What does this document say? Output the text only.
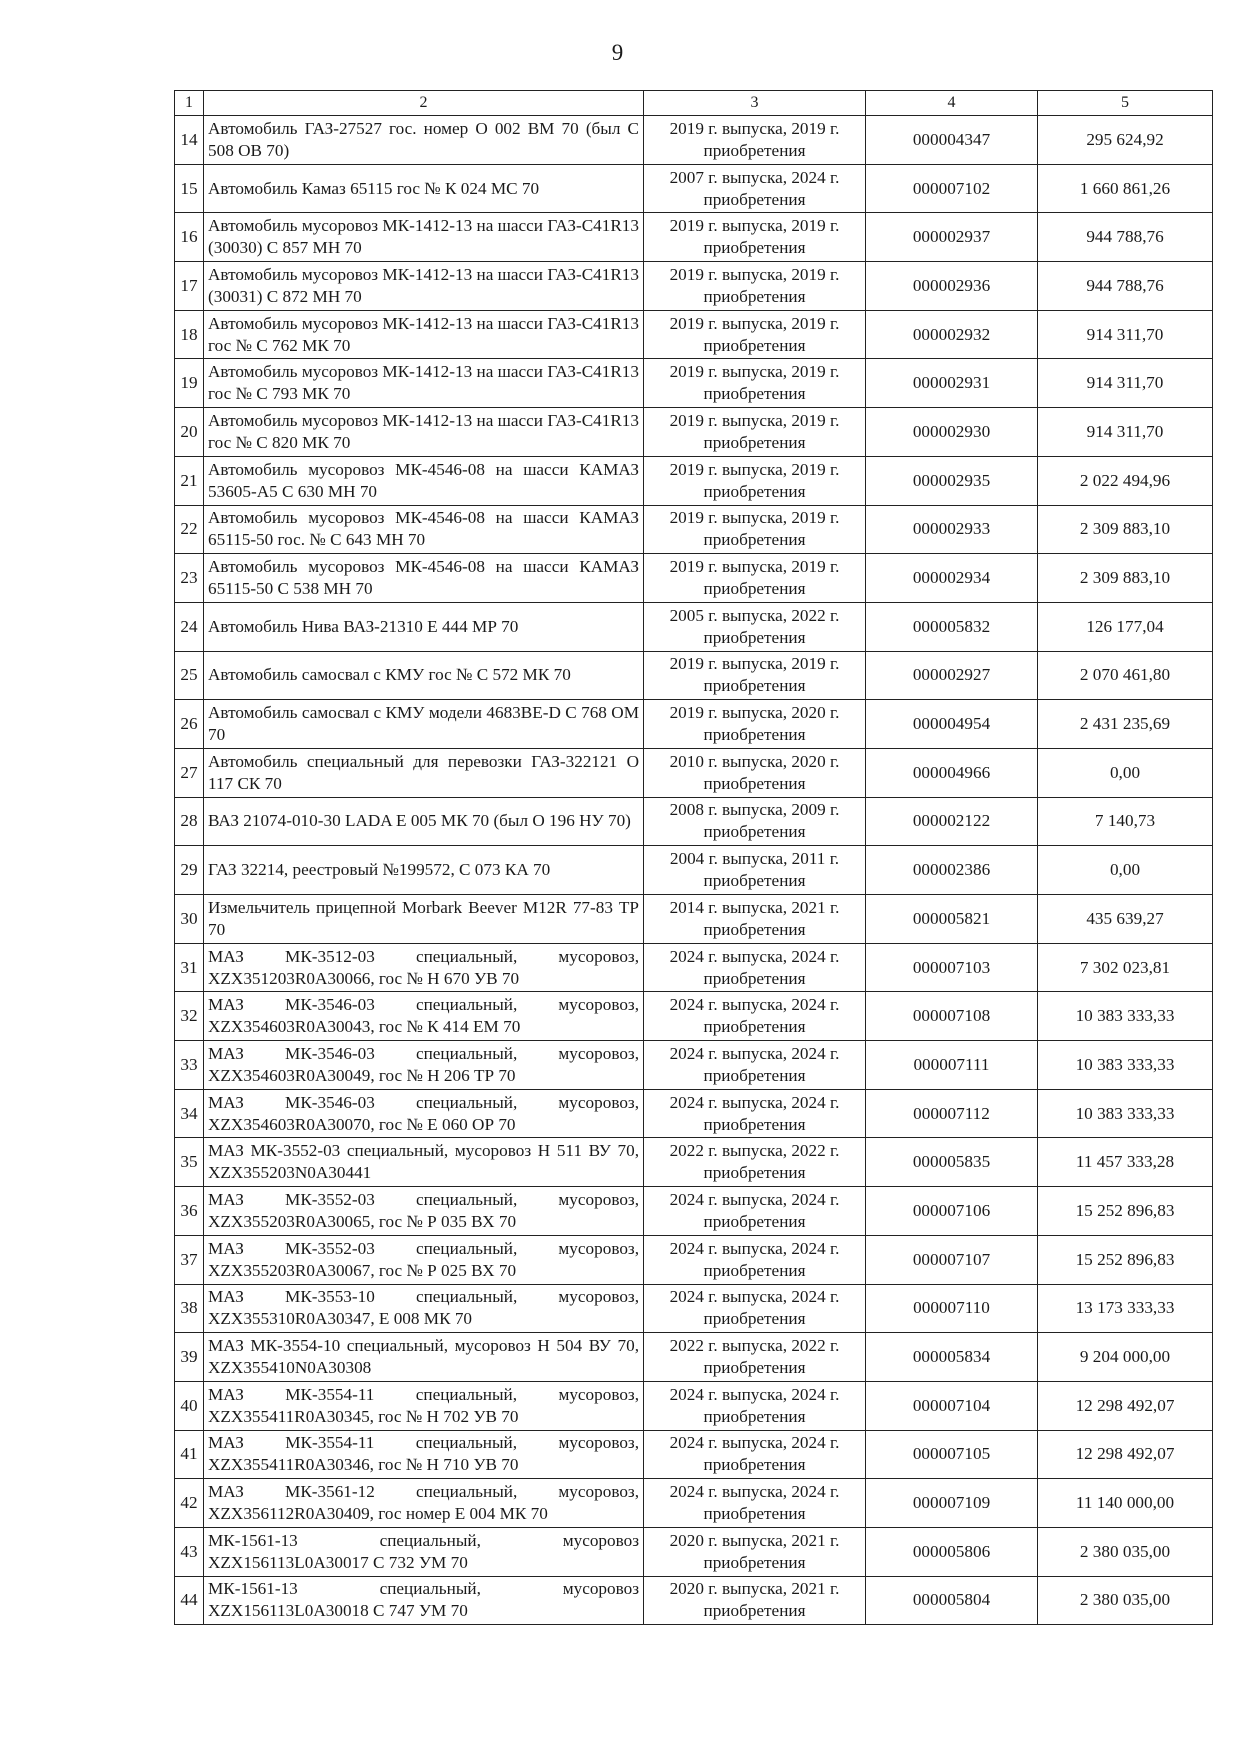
9
1	2	3	4	5
14	Автомобиль ГАЗ-27527 гос. номер О 002 ВМ 70 (был С 508 ОВ 70)	2019 г. выпуска, 2019 г. приобретения	000004347	295 624,92
15	Автомобиль Камаз 65115 гос № К 024 МС 70	2007 г. выпуска, 2024 г. приобретения	000007102	1 660 861,26
16	Автомобиль мусоровоз МК-1412-13 на шасси ГАЗ-С41R13 (30030) С 857 МН 70	2019 г. выпуска, 2019 г. приобретения	000002937	944 788,76
17	Автомобиль мусоровоз МК-1412-13 на шасси ГАЗ-С41R13 (30031) С 872 МН 70	2019 г. выпуска, 2019 г. приобретения	000002936	944 788,76
18	Автомобиль мусоровоз МК-1412-13 на шасси ГАЗ-С41R13 гос № С 762 МК 70	2019 г. выпуска, 2019 г. приобретения	000002932	914 311,70
19	Автомобиль мусоровоз МК-1412-13 на шасси ГАЗ-С41R13 гос № С 793 МК 70	2019 г. выпуска, 2019 г. приобретения	000002931	914 311,70
20	Автомобиль мусоровоз МК-1412-13 на шасси ГАЗ-С41R13 гос № С 820 МК 70	2019 г. выпуска, 2019 г. приобретения	000002930	914 311,70
21	Автомобиль мусоровоз МК-4546-08 на шасси КАМАЗ 53605-А5 С 630 МН 70	2019 г. выпуска, 2019 г. приобретения	000002935	2 022 494,96
22	Автомобиль мусоровоз МК-4546-08 на шасси КАМАЗ 65115-50 гос. № С 643 МН 70	2019 г. выпуска, 2019 г. приобретения	000002933	2 309 883,10
23	Автомобиль мусоровоз МК-4546-08 на шасси КАМАЗ 65115-50 С 538 МН 70	2019 г. выпуска, 2019 г. приобретения	000002934	2 309 883,10
24	Автомобиль Нива ВАЗ-21310 Е 444 МР 70	2005 г. выпуска, 2022 г. приобретения	000005832	126 177,04
25	Автомобиль самосвал с КМУ гос № С 572 МК 70	2019 г. выпуска, 2019 г. приобретения	000002927	2 070 461,80
26	Автомобиль самосвал с КМУ модели 4683ВЕ-D С 768 ОМ 70	2019 г. выпуска, 2020 г. приобретения	000004954	2 431 235,69
27	Автомобиль специальный для перевозки ГАЗ-322121 О 117 СК 70	2010 г. выпуска, 2020 г. приобретения	000004966	0,00
28	ВАЗ 21074-010-30 LADA Е 005 МК 70 (был О 196 НУ 70)	2008 г. выпуска, 2009 г. приобретения	000002122	7 140,73
29	ГАЗ 32214, реестровый №199572, С 073 КА 70	2004 г. выпуска, 2011 г. приобретения	000002386	0,00
30	Измельчитель прицепной Morbark Beever M12R 77-83 ТР 70	2014 г. выпуска, 2021 г. приобретения	000005821	435 639,27
31	МАЗ МК-3512-03 специальный, мусоровоз, XZX351203R0A30066, гос № Н 670 УВ 70	2024 г. выпуска, 2024 г. приобретения	000007103	7 302 023,81
32	МАЗ МК-3546-03 специальный, мусоровоз, XZX354603R0A30043, гос № К 414 ЕМ 70	2024 г. выпуска, 2024 г. приобретения	000007108	10 383 333,33
33	МАЗ МК-3546-03 специальный, мусоровоз, XZX354603R0A30049, гос № Н 206 ТР 70	2024 г. выпуска, 2024 г. приобретения	000007111	10 383 333,33
34	МАЗ МК-3546-03 специальный, мусоровоз, XZX354603R0A30070, гос № Е 060 ОР 70	2024 г. выпуска, 2024 г. приобретения	000007112	10 383 333,33
35	МАЗ МК-3552-03 специальный, мусоровоз Н 511 ВУ 70, XZX355203N0A30441	2022 г. выпуска, 2022 г. приобретения	000005835	11 457 333,28
36	МАЗ МК-3552-03 специальный, мусоровоз, XZX355203R0A30065, гос № Р 035 ВХ 70	2024 г. выпуска, 2024 г. приобретения	000007106	15 252 896,83
37	МАЗ МК-3552-03 специальный, мусоровоз, XZX355203R0A30067, гос № Р 025 ВХ 70	2024 г. выпуска, 2024 г. приобретения	000007107	15 252 896,83
38	МАЗ МК-3553-10 специальный, мусоровоз, XZX355310R0A30347, Е 008 МК 70	2024 г. выпуска, 2024 г. приобретения	000007110	13 173 333,33
39	МАЗ МК-3554-10 специальный, мусоровоз Н 504 ВУ 70, XZX355410N0A30308	2022 г. выпуска, 2022 г. приобретения	000005834	9 204 000,00
40	МАЗ МК-3554-11 специальный, мусоровоз, XZX355411R0A30345, гос № Н 702 УВ 70	2024 г. выпуска, 2024 г. приобретения	000007104	12 298 492,07
41	МАЗ МК-3554-11 специальный, мусоровоз, XZX355411R0A30346, гос № Н 710 УВ 70	2024 г. выпуска, 2024 г. приобретения	000007105	12 298 492,07
42	МАЗ МК-3561-12 специальный, мусоровоз, XZX356112R0A30409, гос номер Е 004 МК 70	2024 г. выпуска, 2024 г. приобретения	000007109	11 140 000,00
43	МК-1561-13 специальный, мусоровоз XZX156113L0A30017 С 732 УМ 70	2020 г. выпуска, 2021 г. приобретения	000005806	2 380 035,00
44	МК-1561-13 специальный, мусоровоз XZX156113L0A30018 С 747 УМ 70	2020 г. выпуска, 2021 г. приобретения	000005804	2 380 035,00
